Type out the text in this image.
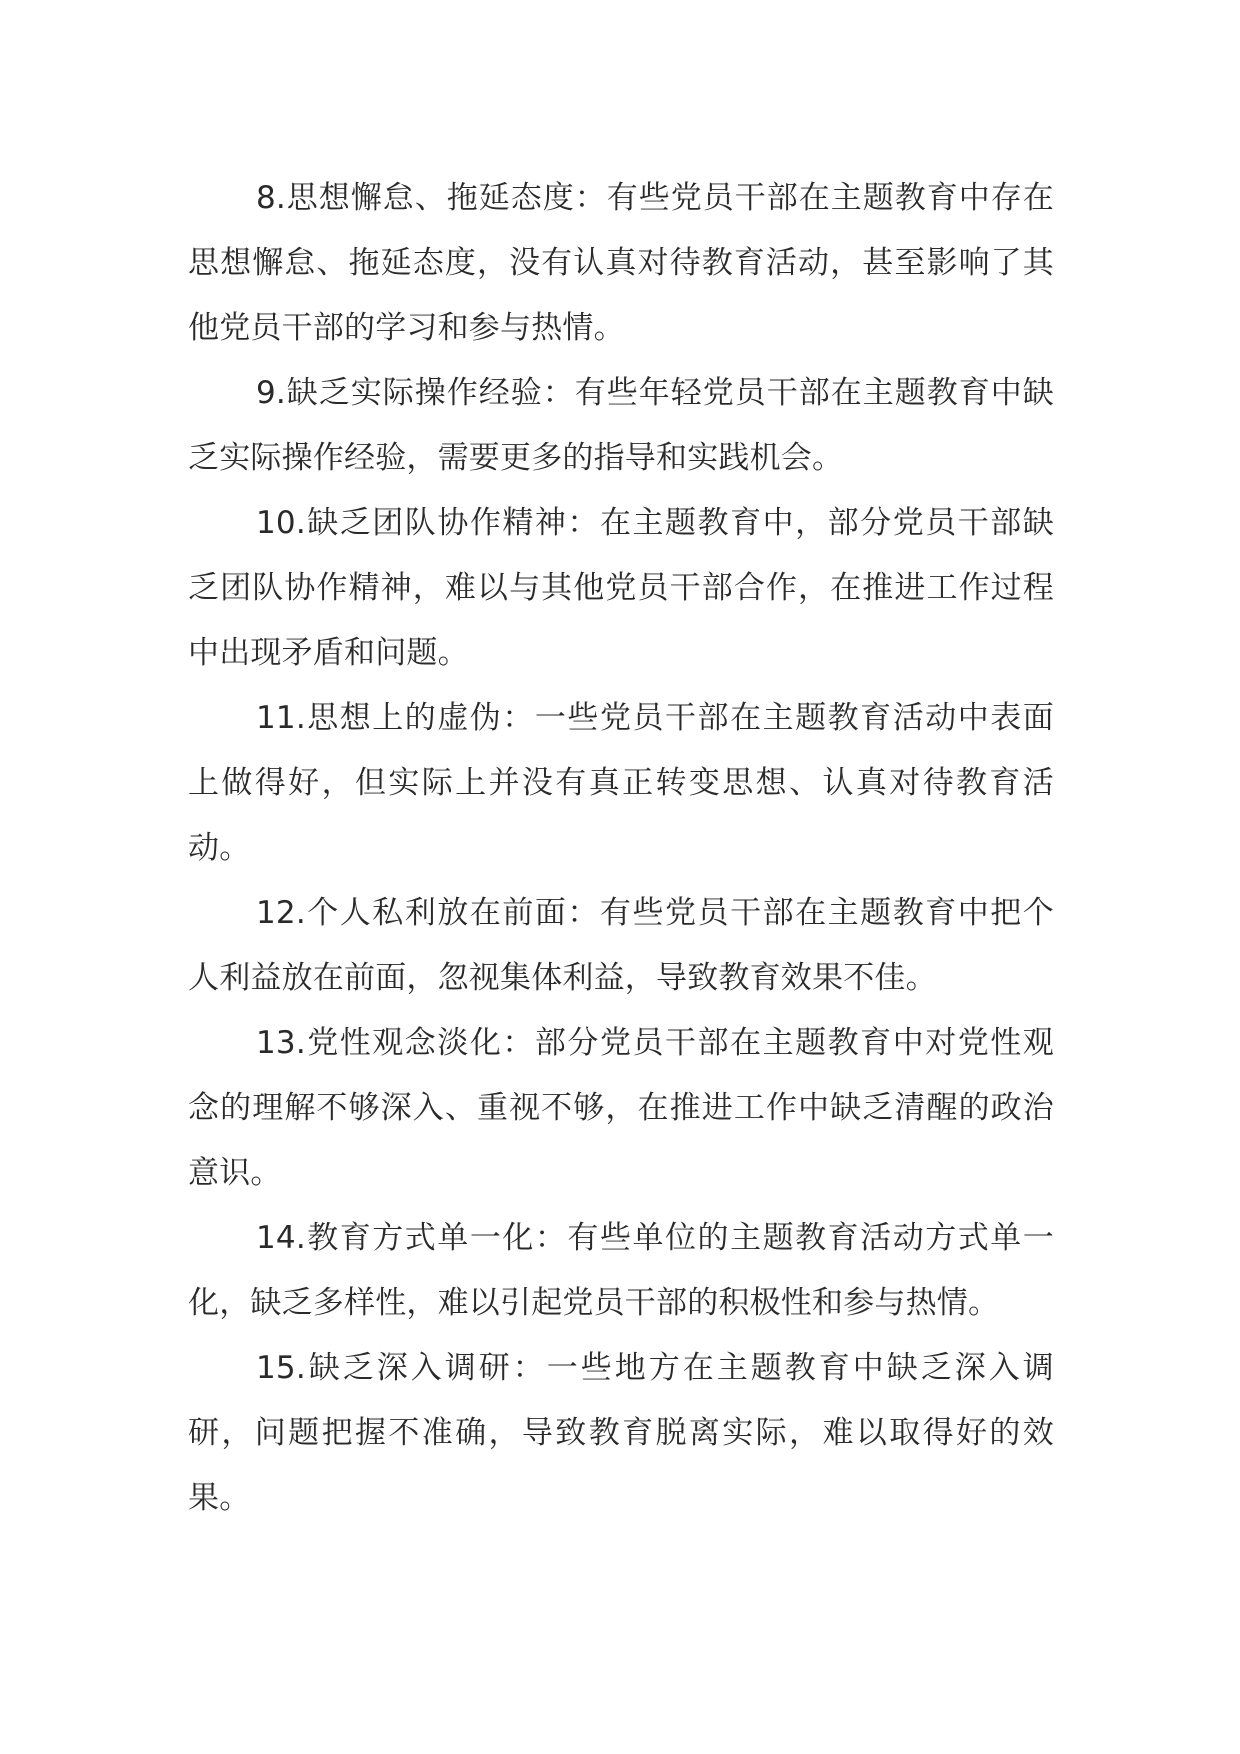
8.思想懈怠、拖延态度：有些党员干部在主题教育中存在思想懈怠、拖延态度，没有认真对待教育活动，甚至影响了其他党员干部的学习和参与热情。

9.缺乏实际操作经验：有些年轻党员干部在主题教育中缺乏实际操作经验，需要更多的指导和实践机会。

10.缺乏团队协作精神：在主题教育中，部分党员干部缺乏团队协作精神，难以与其他党员干部合作，在推进工作过程中出现矛盾和问题。

11.思想上的虚伪：一些党员干部在主题教育活动中表面上做得好，但实际上并没有真正转变思想、认真对待教育活动。

12.个人私利放在前面：有些党员干部在主题教育中把个人利益放在前面，忽视集体利益，导致教育效果不佳。

13.党性观念淡化：部分党员干部在主题教育中对党性观念的理解不够深入、重视不够，在推进工作中缺乏清醒的政治意识。

14.教育方式单一化：有些单位的主题教育活动方式单一化，缺乏多样性，难以引起党员干部的积极性和参与热情。

15.缺乏深入调研：一些地方在主题教育中缺乏深入调研，问题把握不准确，导致教育脱离实际，难以取得好的效果。
